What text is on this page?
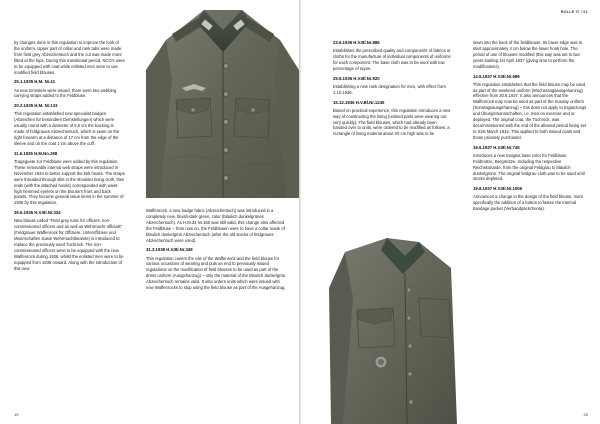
by changes done in this regulation to improve the look of the uniform. Upper part of collar and rank tabs were made from field grey Abzeichentuch and the cut was made more fitted at the hips. During this transitional period, NCO's were to be equipped with coat while enlisted men were to use modified field blouses.

25.1.1935 H.M. Nr.41

As new tornisters were issued, there were two webbing carrying straps added to the Feldbluse.

20.2.1935 H.M. Nr.133

This regulation established new specialist badges (Abzeichen für besondere Dienstellungen) which were usually round with a diameter of 5,5 cm the backing is made of feldgraues Abzeichentuch, which is sewn on the right forearm at a distance of 17 cm from the edge of the sleeve and on the coat 1 cm above the cuff.

11.6.1935 H.M.No.268

Trageguete zur Feldbluse were added by this regulation. These removable internal web straps were introduced in November 1934 to better support the belt hooks. The straps were threaded through slits in the shoulder lining cloth, their ends (with the attached hooks) corresponded with waist-high hemmed eyelets on the blouse's front and back panels. They become general issue items in the summer of 1935 by this regulation.

29.6.1935 H.V.Bl.Nr.334

New blouse called "Field grey tunic for officers, non-commissioned officers and as well as Wehrmacht officials" (Feldgrauer Waffenrock für Offiziere, Unteroffiziere und Mannschaften sowie Wehrmachtbeamte) is introduced to replace the previously used Tuchrock. The non-commissioned officers were to be equipped with the new Waffenrock during 1936, whilst the enlisted men were to be equipped from 1936 onward. Along with the introduction of this new

Waffenrock, a new badge fabric (Abzeichentuch) was introduced in a completely new, bluish-dark green, color (bläulich dunkelgrünes Abzeichentuch). As H.M.34 Nr.156 was still valid, this change also affected the Feldbluse – from now on, the Feldblusen were to have a collar made of bläulich dunkelgrün Abzeichentuch (after the old stocks of feldgraues Abzeichentuch were used).

31.3.1936 H.V.Bl.Nr.349

This regulation covers the use of the Waffenrock and the field blouse for various occasions of wearing and puts an end to previously issued regulations on the modification of field blouses to be used as part of the dress uniform (Ausgehanzug) – only the material of the bläulich dunkelgrün Abzeichentuch remains valid. It also orders units which were issued with new Waffenrocks to stop using the field blouse as part of the Ausgehanzug.

19
ROLLE IT / 01
23.6.1936 H.V.Bl.Nr.886

Establishes the prescribed quality and components of fabrics or cloths for the manufacture of individual components of uniforms for each component. The base cloth was to be wool with low percentage of rayon.

25.9.1936 H.V.Bl.Nr.920

Establishing a new rank designation for men, with effect from 1.10.1936.

15.12.1936 H.V.Bl.Nr.1245

Based on practical experience, this regulation introduces a new way of constructing the lining (unlined parts were wearing out very quickly). The field blouses, which had already been handed over to units, were ordered to be modified as follows: a rectangle of lining material about 20 cm high was to be

sewn into the back of the fieldblouse. Its lower edge was to start approximately 4 cm below the lower hook hole. The period of use of blouses modified (this way was set to two years starting 1st April 1937 (giving time to perform the modifications).

14.5.1937 H.V.Bl.Nr.589

This regulation establishes that the field blouse may be used as part of the weekend uniform (Wochentagsausgehanzug) effective from 20.5.1937. It also announces that the Waffenrock may now be used as part of the Sunday uniform (Sonntagsausgehanzug) – this does not apply to Ergänzungs und Übungsmannschaften, i.e. men on exercise and or deployed. The original coat, the Tuchrock, was decommissioned with the end of the allowed period being set to 31st March 1942. This applied to both issued coats and those privately purchased.

19.6.1937 H.V.Bl.Nr.745

Introduces a new Insignia base color for Feldbluse, Feldmütze, Bergmütze, Including the respective Reichskokarde, from the original Feldgrau to bläulich dunkelgrüne. The original feldgrau cloth was to be used until stocks depleted.

19.8.1937 H.V.Bl.Nr.1006

Announces a change in the design of the field blouse, more specifically the addition of a button to fasten the internal bandage pocket (Verbandpäckchenta).

20
